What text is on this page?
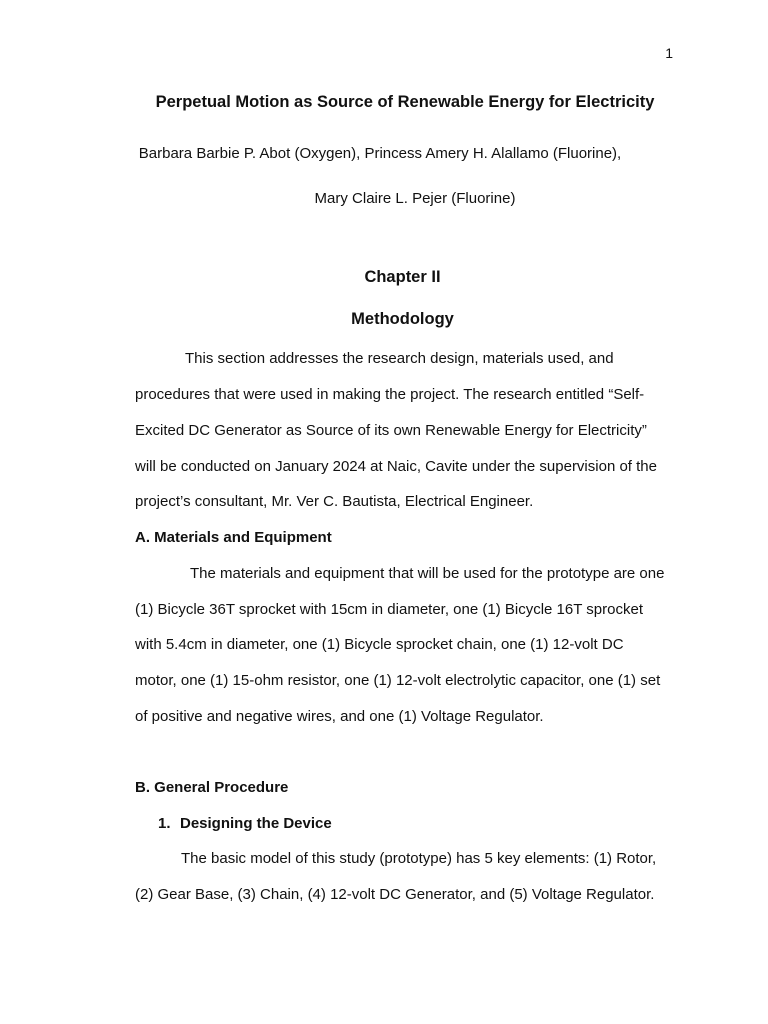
1
Perpetual Motion as Source of Renewable Energy for Electricity
Barbara Barbie P. Abot (Oxygen), Princess Amery H. Alallamo (Fluorine),
Mary Claire L. Pejer (Fluorine)
Chapter II
Methodology
This section addresses the research design, materials used, and
procedures that were used in making the project. The research entitled “Self-
Excited DC Generator as Source of its own Renewable Energy for Electricity”
will be conducted on January 2024 at Naic, Cavite under the supervision of the
project’s consultant, Mr. Ver C. Bautista, Electrical Engineer.
A. Materials and Equipment
The materials and equipment that will be used for the prototype are one
(1) Bicycle 36T sprocket with 15cm in diameter, one (1) Bicycle 16T sprocket
with 5.4cm in diameter, one (1) Bicycle sprocket chain, one (1) 12-volt DC
motor, one (1) 15-ohm resistor, one (1) 12-volt electrolytic capacitor, one (1) set
of positive and negative wires, and one (1) Voltage Regulator.
B. General Procedure
1. Designing the Device
The basic model of this study (prototype) has 5 key elements: (1) Rotor,
(2) Gear Base, (3) Chain, (4) 12-volt DC Generator, and (5) Voltage Regulator.
